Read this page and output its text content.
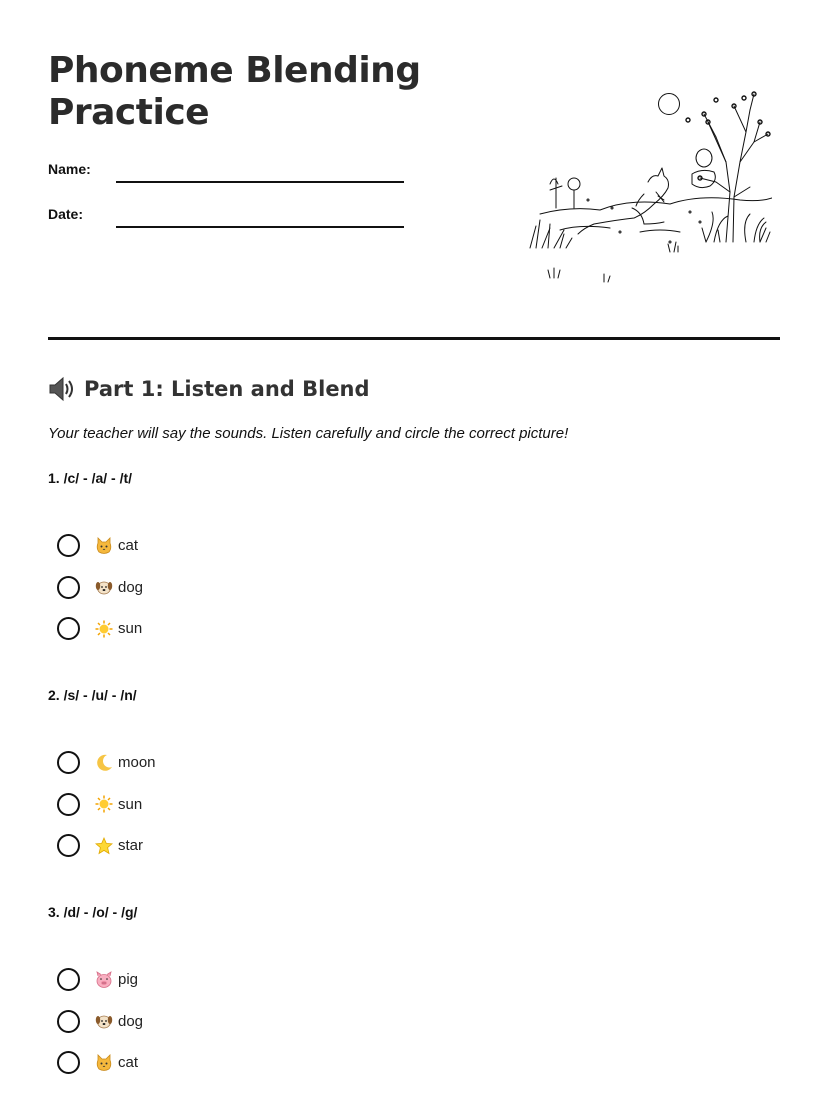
Phoneme Blending Practice
Name:
Date:
Part 1: Listen and Blend
Your teacher will say the sounds. Listen carefully and circle the correct picture!
1. /c/ - /a/ - /t/
cat
dog
sun
2. /s/ - /u/ - /n/
moon
sun
star
3. /d/ - /o/ - /g/
pig
dog
cat
